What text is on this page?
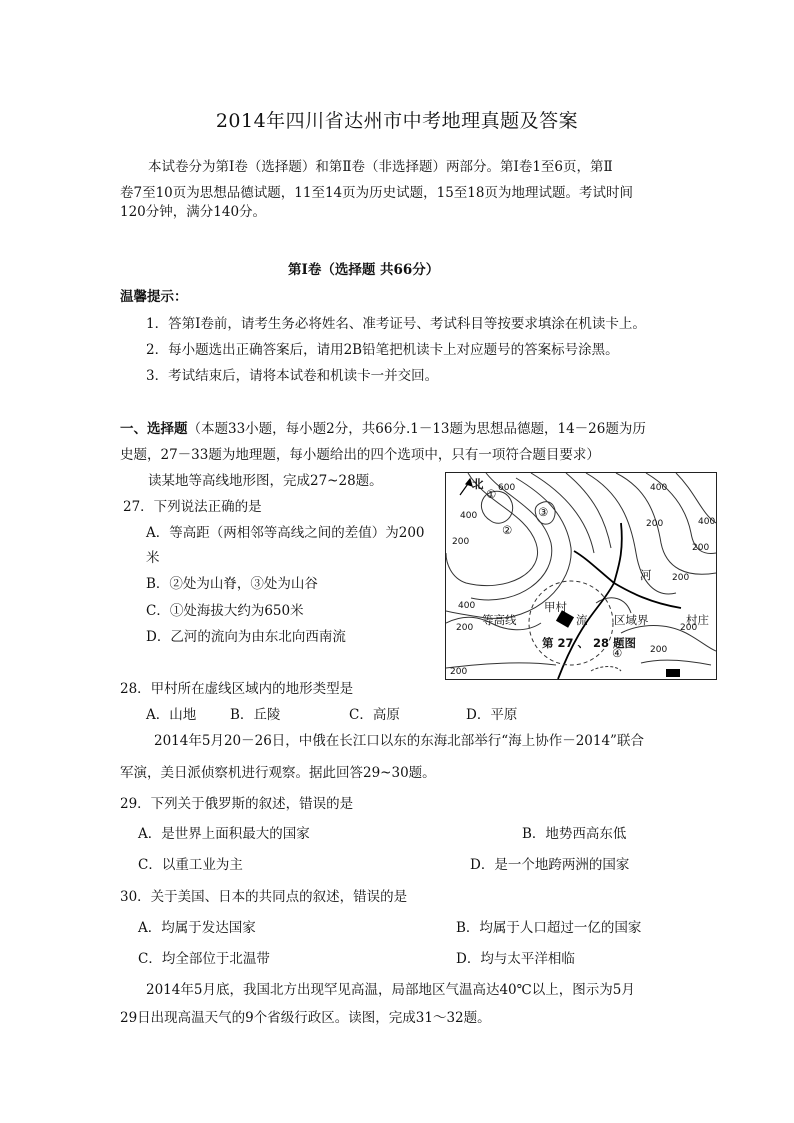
2014年四川省达州市中考地理真题及答案
本试卷分为第Ⅰ卷（选择题）和第Ⅱ卷（非选择题）两部分。第Ⅰ卷1至6页，第Ⅱ
卷7至10页为思想品德试题，11至14页为历史试题，15至18页为地理试题。考试时间
120分钟，满分140分。
第Ⅰ卷（选择题 共66分）
温馨提示：
1．答第Ⅰ卷前，请考生务必将姓名、准考证号、考试科目等按要求填涂在机读卡上。
2．每小题选出正确答案后，请用2B铅笔把机读卡上对应题号的答案标号涂黑。
3．考试结束后，请将本试卷和机读卡一并交回。
一、选择题（本题33小题，每小题2分，共66分.1－13题为思想品德题，14－26题为历
史题，27－33题为地理题，每小题给出的四个选项中，只有一项符合题目要求）
读某地等高线地形图，完成27~28题。
27．下列说法正确的是
A．等高距（两相邻等高线之间的差值）为200
米
B．②处为山脊，③处为山谷
C．①处海拔大约为650米
D．乙河的流向为由东北向西南流
北 600
400
200
400
200	400
200
200
400
200
200
200
200
①
②
③
④
甲村
河
等高线	流 区域界	村庄
第 27 、 28 题图
28．甲村所在虚线区域内的地形类型是
A．山地	B．丘陵	C．高原	D．平原
2014年5月20－26日，中俄在长江口以东的东海北部举行“海上协作－2014”联合
军演，美日派侦察机进行观察。据此回答29~30题。
29．下列关于俄罗斯的叙述，错误的是
A．是世界上面积最大的国家	B．地势西高东低
C．以重工业为主	D．是一个地跨两洲的国家
30．关于美国、日本的共同点的叙述，错误的是
A．均属于发达国家	B．均属于人口超过一亿的国家
C．均全部位于北温带	D．均与太平洋相临
2014年5月底，我国北方出现罕见高温，局部地区气温高达40℃以上，图示为5月
29日出现高温天气的9个省级行政区。读图，完成31～32题。
